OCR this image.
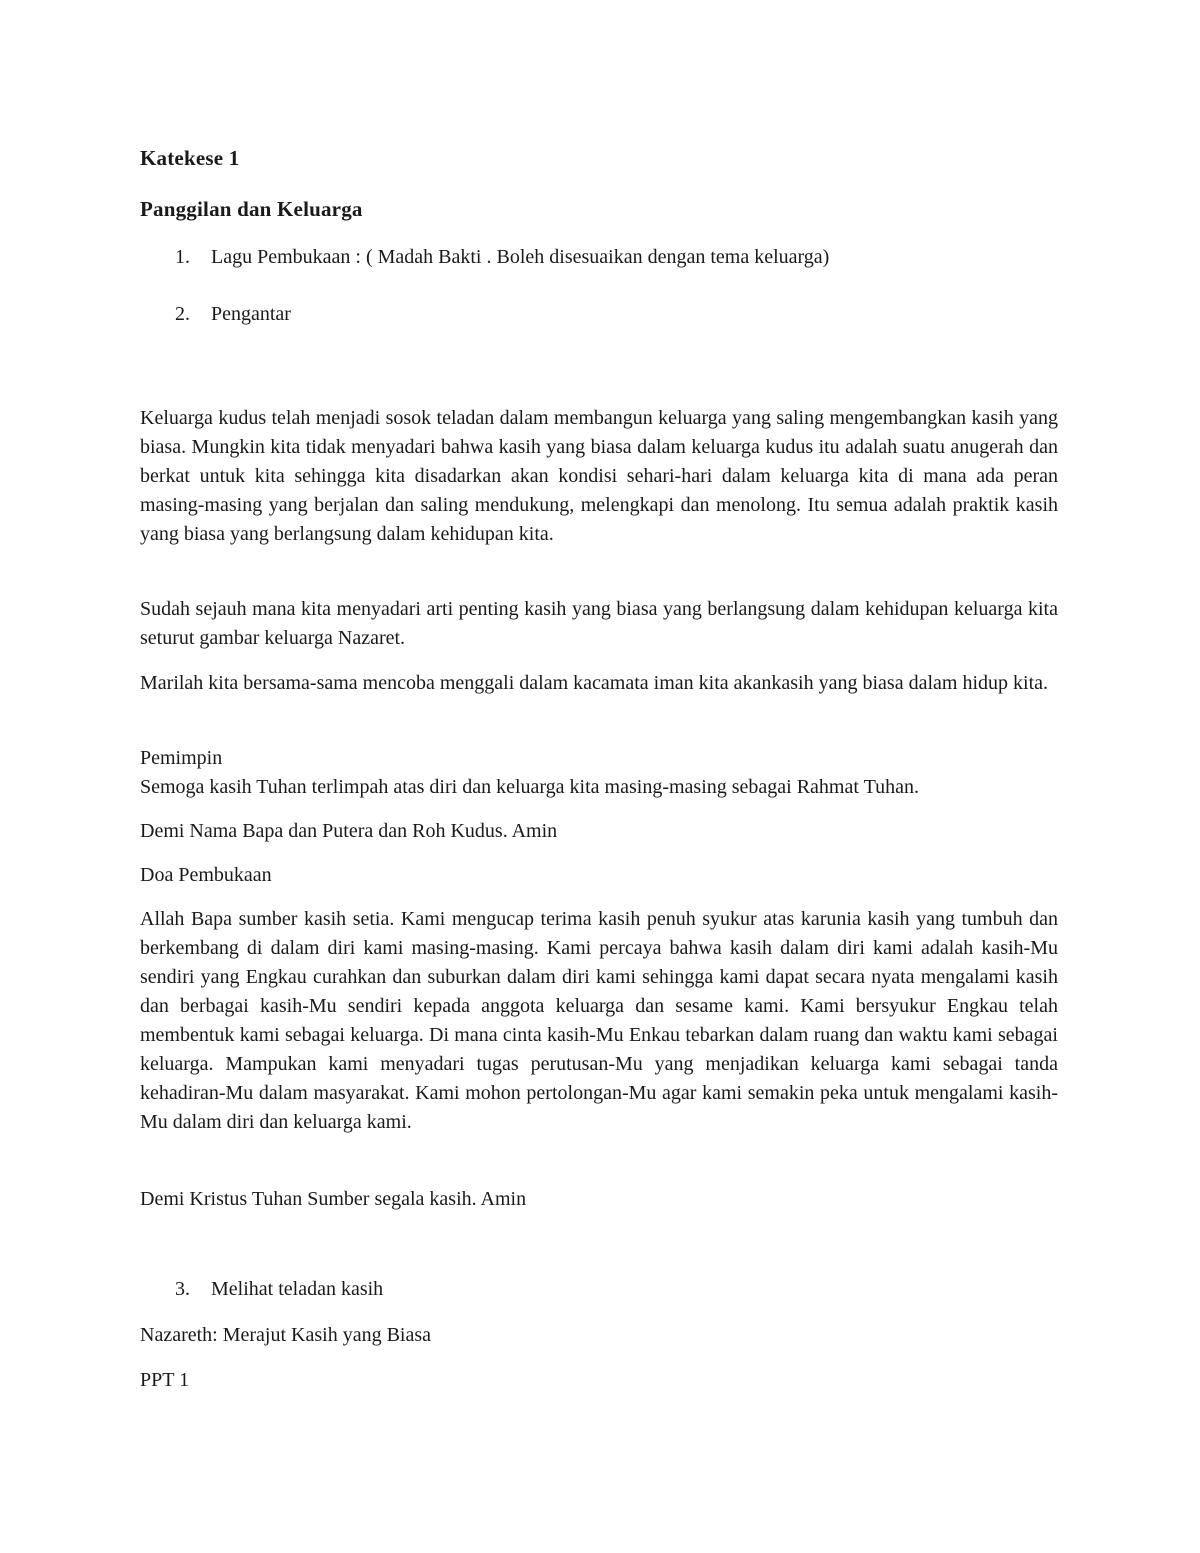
Katekese 1
Panggilan dan Keluarga
1. Lagu Pembukaan : ( Madah Bakti . Boleh disesuaikan dengan tema keluarga)
2. Pengantar
Keluarga kudus telah menjadi sosok teladan dalam membangun keluarga yang saling mengembangkan kasih yang biasa. Mungkin kita tidak menyadari bahwa kasih yang biasa dalam keluarga kudus itu adalah suatu anugerah dan berkat untuk kita sehingga kita disadarkan akan kondisi sehari-hari dalam keluarga kita di mana ada peran masing-masing yang berjalan dan saling mendukung, melengkapi dan menolong. Itu semua adalah praktik kasih yang biasa yang berlangsung dalam kehidupan kita.
Sudah sejauh mana kita menyadari arti penting kasih yang biasa yang berlangsung dalam kehidupan keluarga kita seturut gambar keluarga Nazaret.
Marilah kita bersama-sama mencoba menggali dalam kacamata iman kita akankasih yang biasa dalam hidup kita.
Pemimpin
Semoga kasih Tuhan terlimpah atas diri dan keluarga kita masing-masing sebagai Rahmat Tuhan.
Demi Nama Bapa dan Putera dan Roh Kudus. Amin
Doa Pembukaan
Allah Bapa sumber kasih setia. Kami mengucap terima kasih penuh syukur atas karunia kasih yang tumbuh dan berkembang di dalam diri kami masing-masing. Kami percaya bahwa kasih dalam diri kami adalah kasih-Mu sendiri yang Engkau curahkan dan suburkan dalam diri kami sehingga kami dapat secara nyata mengalami kasih dan berbagai kasih-Mu sendiri kepada anggota keluarga dan sesame kami. Kami bersyukur Engkau telah membentuk kami sebagai keluarga. Di mana cinta kasih-Mu Enkau tebarkan dalam ruang dan waktu kami sebagai keluarga. Mampukan kami menyadari tugas perutusan-Mu yang menjadikan keluarga kami sebagai tanda kehadiran-Mu dalam masyarakat. Kami mohon pertolongan-Mu agar kami semakin peka untuk mengalami kasih-Mu dalam diri dan keluarga kami.
Demi Kristus Tuhan Sumber segala kasih. Amin
3. Melihat teladan kasih
Nazareth: Merajut Kasih yang Biasa
PPT 1
